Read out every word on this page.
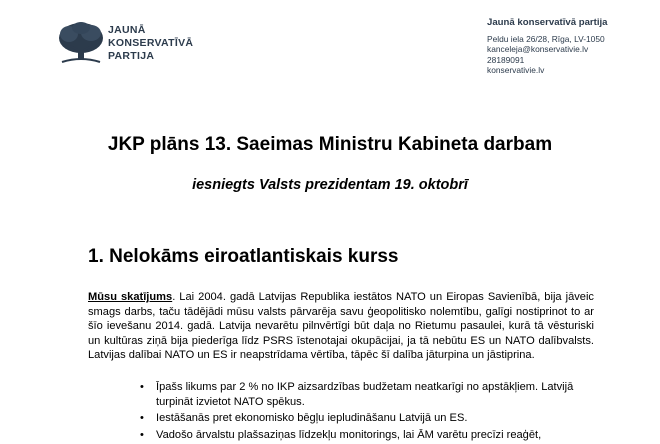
JAUNĀ
KONSERVATĪVĀ
PARTIJA
Jaunā konservatīvā partija
Peldu iela 26/28, Rīga, LV-1050
kanceleja@konservativie.lv
28189091
konservativie.lv
JKP plāns 13. Saeimas Ministru Kabineta darbam
iesniegts Valsts prezidentam 19. oktobrī
1. Nelokāms eiroatlantiskais kurss
Mūsu skatījums. Lai 2004. gadā Latvijas Republika iestātos NATO un Eiropas Savienībā, bija jāveic smags darbs, taču tādējādi mūsu valsts pārvarēja savu ģeopolitisko nolemtību, galīgi nostiprinot to ar šīo ievešanu 2014. gadā. Latvija nevarētu pilnvērtīgi būt daļa no Rietumu pasaulei, kurā tā vēsturiski un kultūras ziņā bija piederīga līdz PSRS īstenotajai okupācijai, ja tā nebūtu ES un NATO dalībvalsts. Latvijas dalībai NATO un ES ir neapstrīdama vērtība, tāpēc šī dalība jāturpina un jāstiprina.
• Īpašs likums par 2 % no IKP aizsardzības budžetam neatkarīgi no apstākļiem. Latvijā turpināt izvietot NATO spēkus.
• Iestāšanās pret ekonomisko bēgļu iepludināšanu Latvijā un ES.
• Vadošo ārvalstu plašsaziņas līdzekļu monitorings, lai ĀM varētu precīzi reaģēt,
